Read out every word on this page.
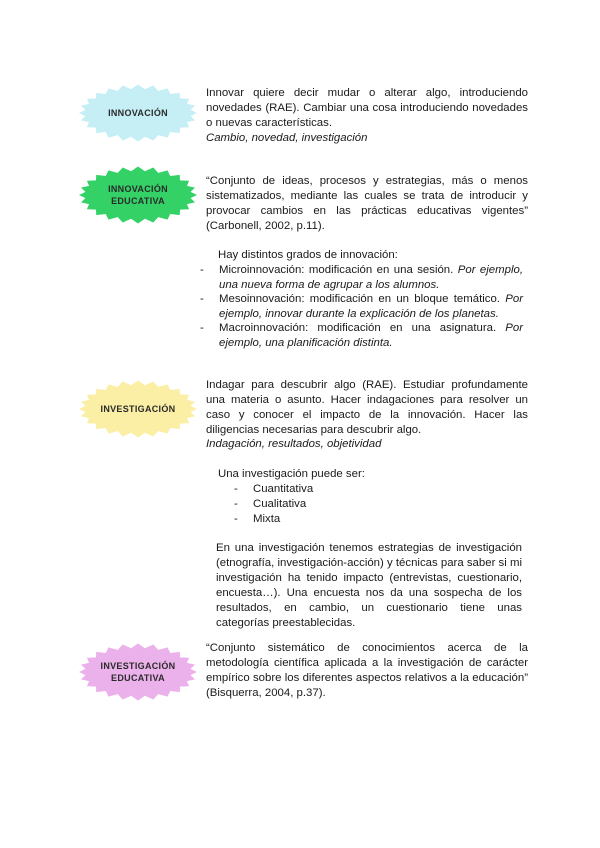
INNOVACIÓN
INNOVACIÓN
EDUCATIVA
INVESTIGACIÓN
INVESTIGACIÓN
EDUCATIVA
Innovar quiere decir mudar o alterar algo, introduciendo novedades (RAE). Cambiar una cosa introduciendo novedades o nuevas características.
Cambio, novedad, investigación
“Conjunto de ideas, procesos y estrategias, más o menos sistematizados, mediante las cuales se trata de introducir y provocar cambios en las prácticas educativas vigentes” (Carbonell, 2002, p.11).
Hay distintos grados de innovación:
- Microinnovación: modificación en una sesión. Por ejemplo, una nueva forma de agrupar a los alumnos.
- Mesoinnovación: modificación en un bloque temático. Por ejemplo, innovar durante la explicación de los planetas.
- Macroinnovación: modificación en una asignatura. Por ejemplo, una planificación distinta.
Indagar para descubrir algo (RAE). Estudiar profundamente una materia o asunto. Hacer indagaciones para resolver un caso y conocer el impacto de la innovación. Hacer las diligencias necesarias para descubrir algo.
Indagación, resultados, objetividad
Una investigación puede ser:
- Cuantitativa
- Cualitativa
- Mixta
En una investigación tenemos estrategias de investigación (etnografía, investigación-acción) y técnicas para saber si mi investigación ha tenido impacto (entrevistas, cuestionario, encuesta…). Una encuesta nos da una sospecha de los resultados, en cambio, un cuestionario tiene unas categorías preestablecidas.
“Conjunto sistemático de conocimientos acerca de la metodología científica aplicada a la investigación de carácter empírico sobre los diferentes aspectos relativos a la educación” (Bisquerra, 2004, p.37).
